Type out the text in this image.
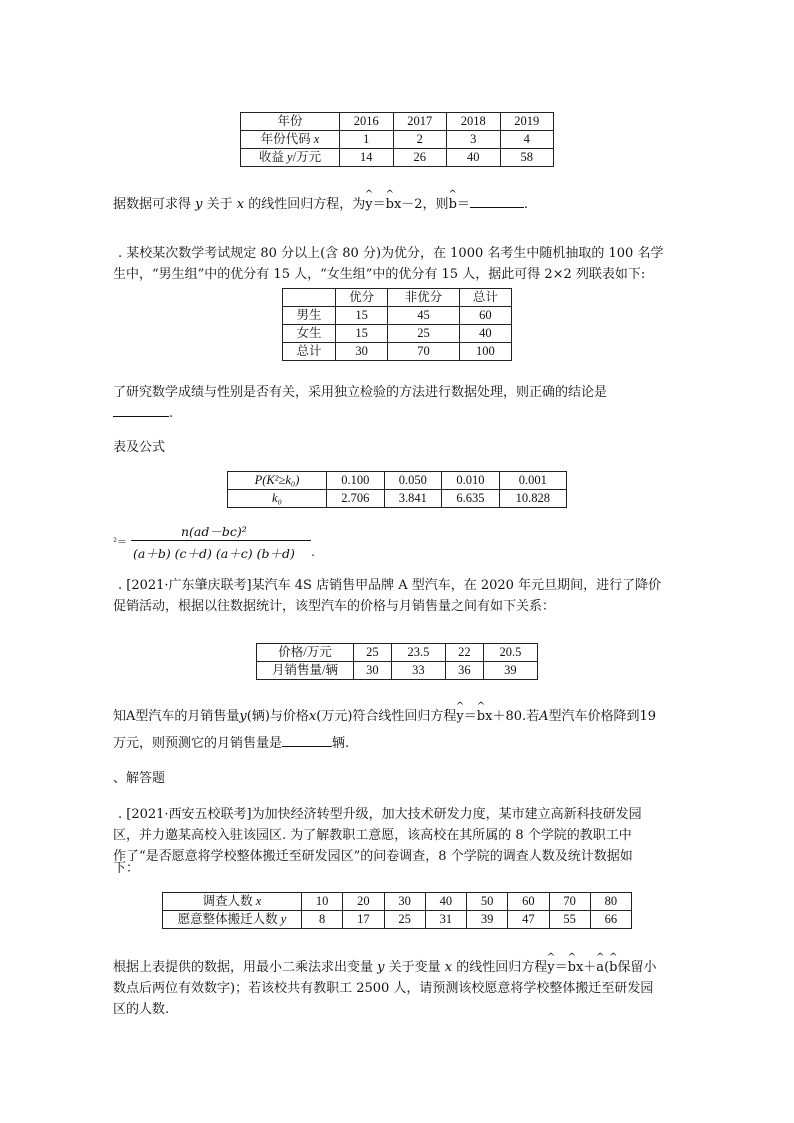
年份	2016	2017	2018	2019
年份代码 x	1	2	3	4
收益 y/万元	14	26	40	58
据数据可求得 y 关于 x 的线性回归方程，为^ y＝^ bx－2，则^ b＝	.
. 某校某次数学考试规定 80 分以上(含 80 分)为优分，在 1000 名考生中随机抽取的 100 名学
生中，“男生组”中的优分有 15 人，“女生组”中的优分有 15 人，据此可得 2×2 列联表如下:
	优分	非优分	总计
男生	15	45	60
女生	15	25	40
总计	30	70	100
了研究数学成绩与性别是否有关，采用独立检验的方法进行数据处理，则正确的结论是
.
表及公式
P(K²≥k₀)	0.100	0.050	0.010	0.001
k₀	2.706	3.841	6.635	10.828
²＝
n(ad－bc)²
(a＋b) (c＋d) (a＋c) (b＋d) .
. [2021·广东肇庆联考]某汽车 4S 店销售甲品牌 A 型汽车，在 2020 年元旦期间，进行了降价
促销活动，根据以往数据统计，该型汽车的价格与月销售量之间有如下关系：
价格/万元	25	23.5	22	20.5
月销售量/辆	30	33	36	39
知A型汽车的月销售量y(辆)与价格x(万元)符合线性回归方程^ y＝^ bx＋80.若A型汽车价格降到19
万元，则预测它的月销售量是	辆.
、解答题
. [2021·西安五校联考]为加快经济转型升级，加大技术研发力度，某市建立高新科技研发园
区，并力邀某高校入驻该园区. 为了解教职工意愿，该高校在其所属的 8 个学院的教职工中
作了“是否愿意将学校整体搬迁至研发园区”的问卷调查，8 个学院的调查人数及统计数据如
下：
调查人数 x	10	20	30	40	50	60	70	80
愿意整体搬迁人数 y	8	17	25	31	39	47	55	66
根据上表提供的数据，用最小二乘法求出变量 y 关于变量 x 的线性回归方程^ y＝^ bx＋^ a(^ b保留小
数点后两位有效数字)；若该校共有教职工 2500 人，请预测该校愿意将学校整体搬迁至研发园
区的人数.
